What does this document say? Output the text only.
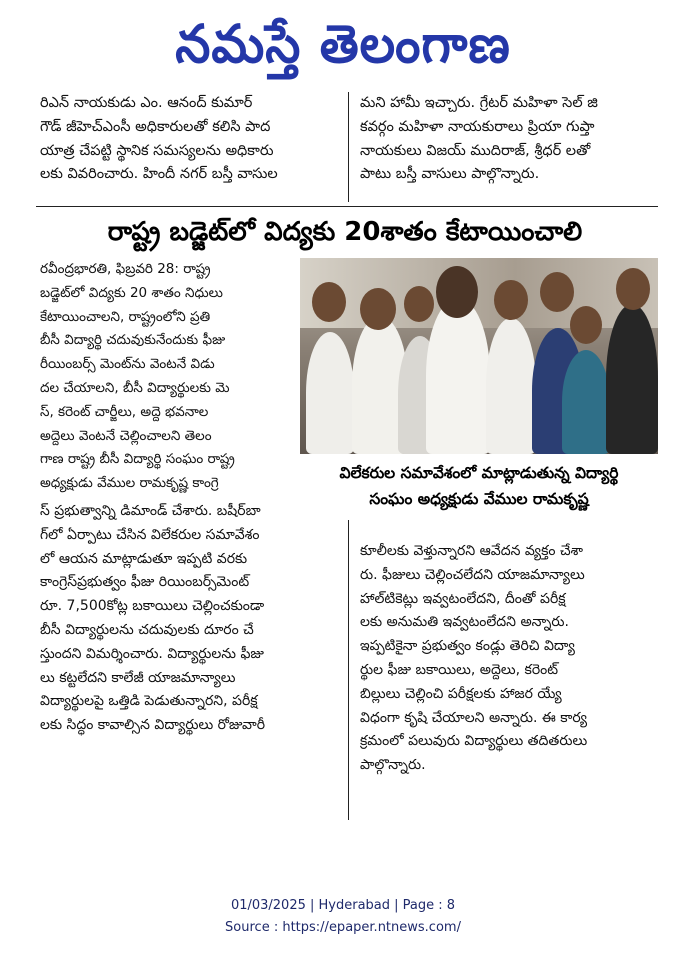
నమస్తే తెలంగాణ

రిఎన్ నాయకుడు ఎం. ఆనంద్ కుమార్

గౌడ్ జీహెచ్ఎంసీ అధికారులతో కలిసి పాద

యాత్ర చేపట్టి స్థానిక సమస్యలను అధికారు

లకు వివరించారు. హిందీ నగర్ బస్తీ వాసుల

మని హామీ ఇచ్చారు. గ్రేటర్ మహిళా సెల్ జి

కవర్గం మహిళా నాయకురాలు ప్రియా గుప్తా

నాయకులు విజయ్ ముదిరాజ్, శ్రీధర్ లతో

పాటు బస్తీ వాసులు పాల్గొన్నారు.

రాష్ట్ర బడ్జెట్‌లో విద్యకు 20శాతం కేటాయించాలి

రవీంద్రభారతి, ఫిబ్రవరి 28: రాష్ట్ర

బడ్జెట్‌లో విద్యకు 20 శాతం నిధులు

కేటాయించాలని, రాష్ట్రంలోని ప్రతి

బీసీ విద్యార్థి చదువుకునేందుకు ఫీజు

రీయింబర్స్ మెంట్‌ను వెంటనే విడు

దల చేయాలని, బీసీ విద్యార్థులకు మె

స్, కరెంట్ చార్జీలు, అద్దె భవనాల

అద్దెలు వెంటనే చెల్లించాలని తెలం

గాణ రాష్ట్ర బీసీ విద్యార్థి సంఘం రాష్ట్ర

అధ్యక్షుడు వేముల రామకృష్ణ కాంగ్రె

స్ ప్రభుత్వాన్ని డిమాండ్ చేశారు. బషీర్‌బా

గ్‌లో ఏర్పాటు చేసిన విలేకరుల సమావేశం

లో ఆయన మాట్లాడుతూ ఇప్పటి వరకు

కాంగ్రెస్‌ప్రభుత్వం ఫీజు రియింబర్స్‌మెంట్

రూ. 7,500కోట్ల బకాయిలు చెల్లించకుండా

బీసీ విద్యార్థులను చదువులకు దూరం చే

స్తుందని విమర్శించారు. విద్యార్థులను ఫీజు

లు కట్టలేదని కాలేజీ యాజమాన్యాలు

విద్యార్థులపై ఒత్తిడి పెడుతున్నారని, పరీక్ష

లకు సిద్ధం కావాల్సిన విద్యార్థులు రోజువారీ

విలేకరుల సమావేశంలో మాట్లాడుతున్న విద్యార్థి
సంఘం అధ్యక్షుడు వేముల రామకృష్ణ

కూలీలకు వెళ్తున్నారని ఆవేదన వ్యక్తం చేశా

రు. ఫీజులు చెల్లించలేదని యాజమాన్యాలు

హాల్‌టికెట్లు ఇవ్వటంలేదని, దీంతో పరీక్ష

లకు అనుమతి ఇవ్వటంలేదని అన్నారు.

ఇప్పటికైనా ప్రభుత్వం కండ్లు తెరిచి విద్యా

ర్థుల ఫీజు బకాయిలు, అద్దెలు, కరెంట్

బిల్లులు చెల్లించి పరీక్షలకు హాజర య్యే

విధంగా కృషి చేయాలని అన్నారు. ఈ కార్య

క్రమంలో పలువురు విద్యార్థులు తదితరులు

పాల్గొన్నారు.

01/03/2025 | Hyderabad | Page : 8
Source : https://epaper.ntnews.com/
